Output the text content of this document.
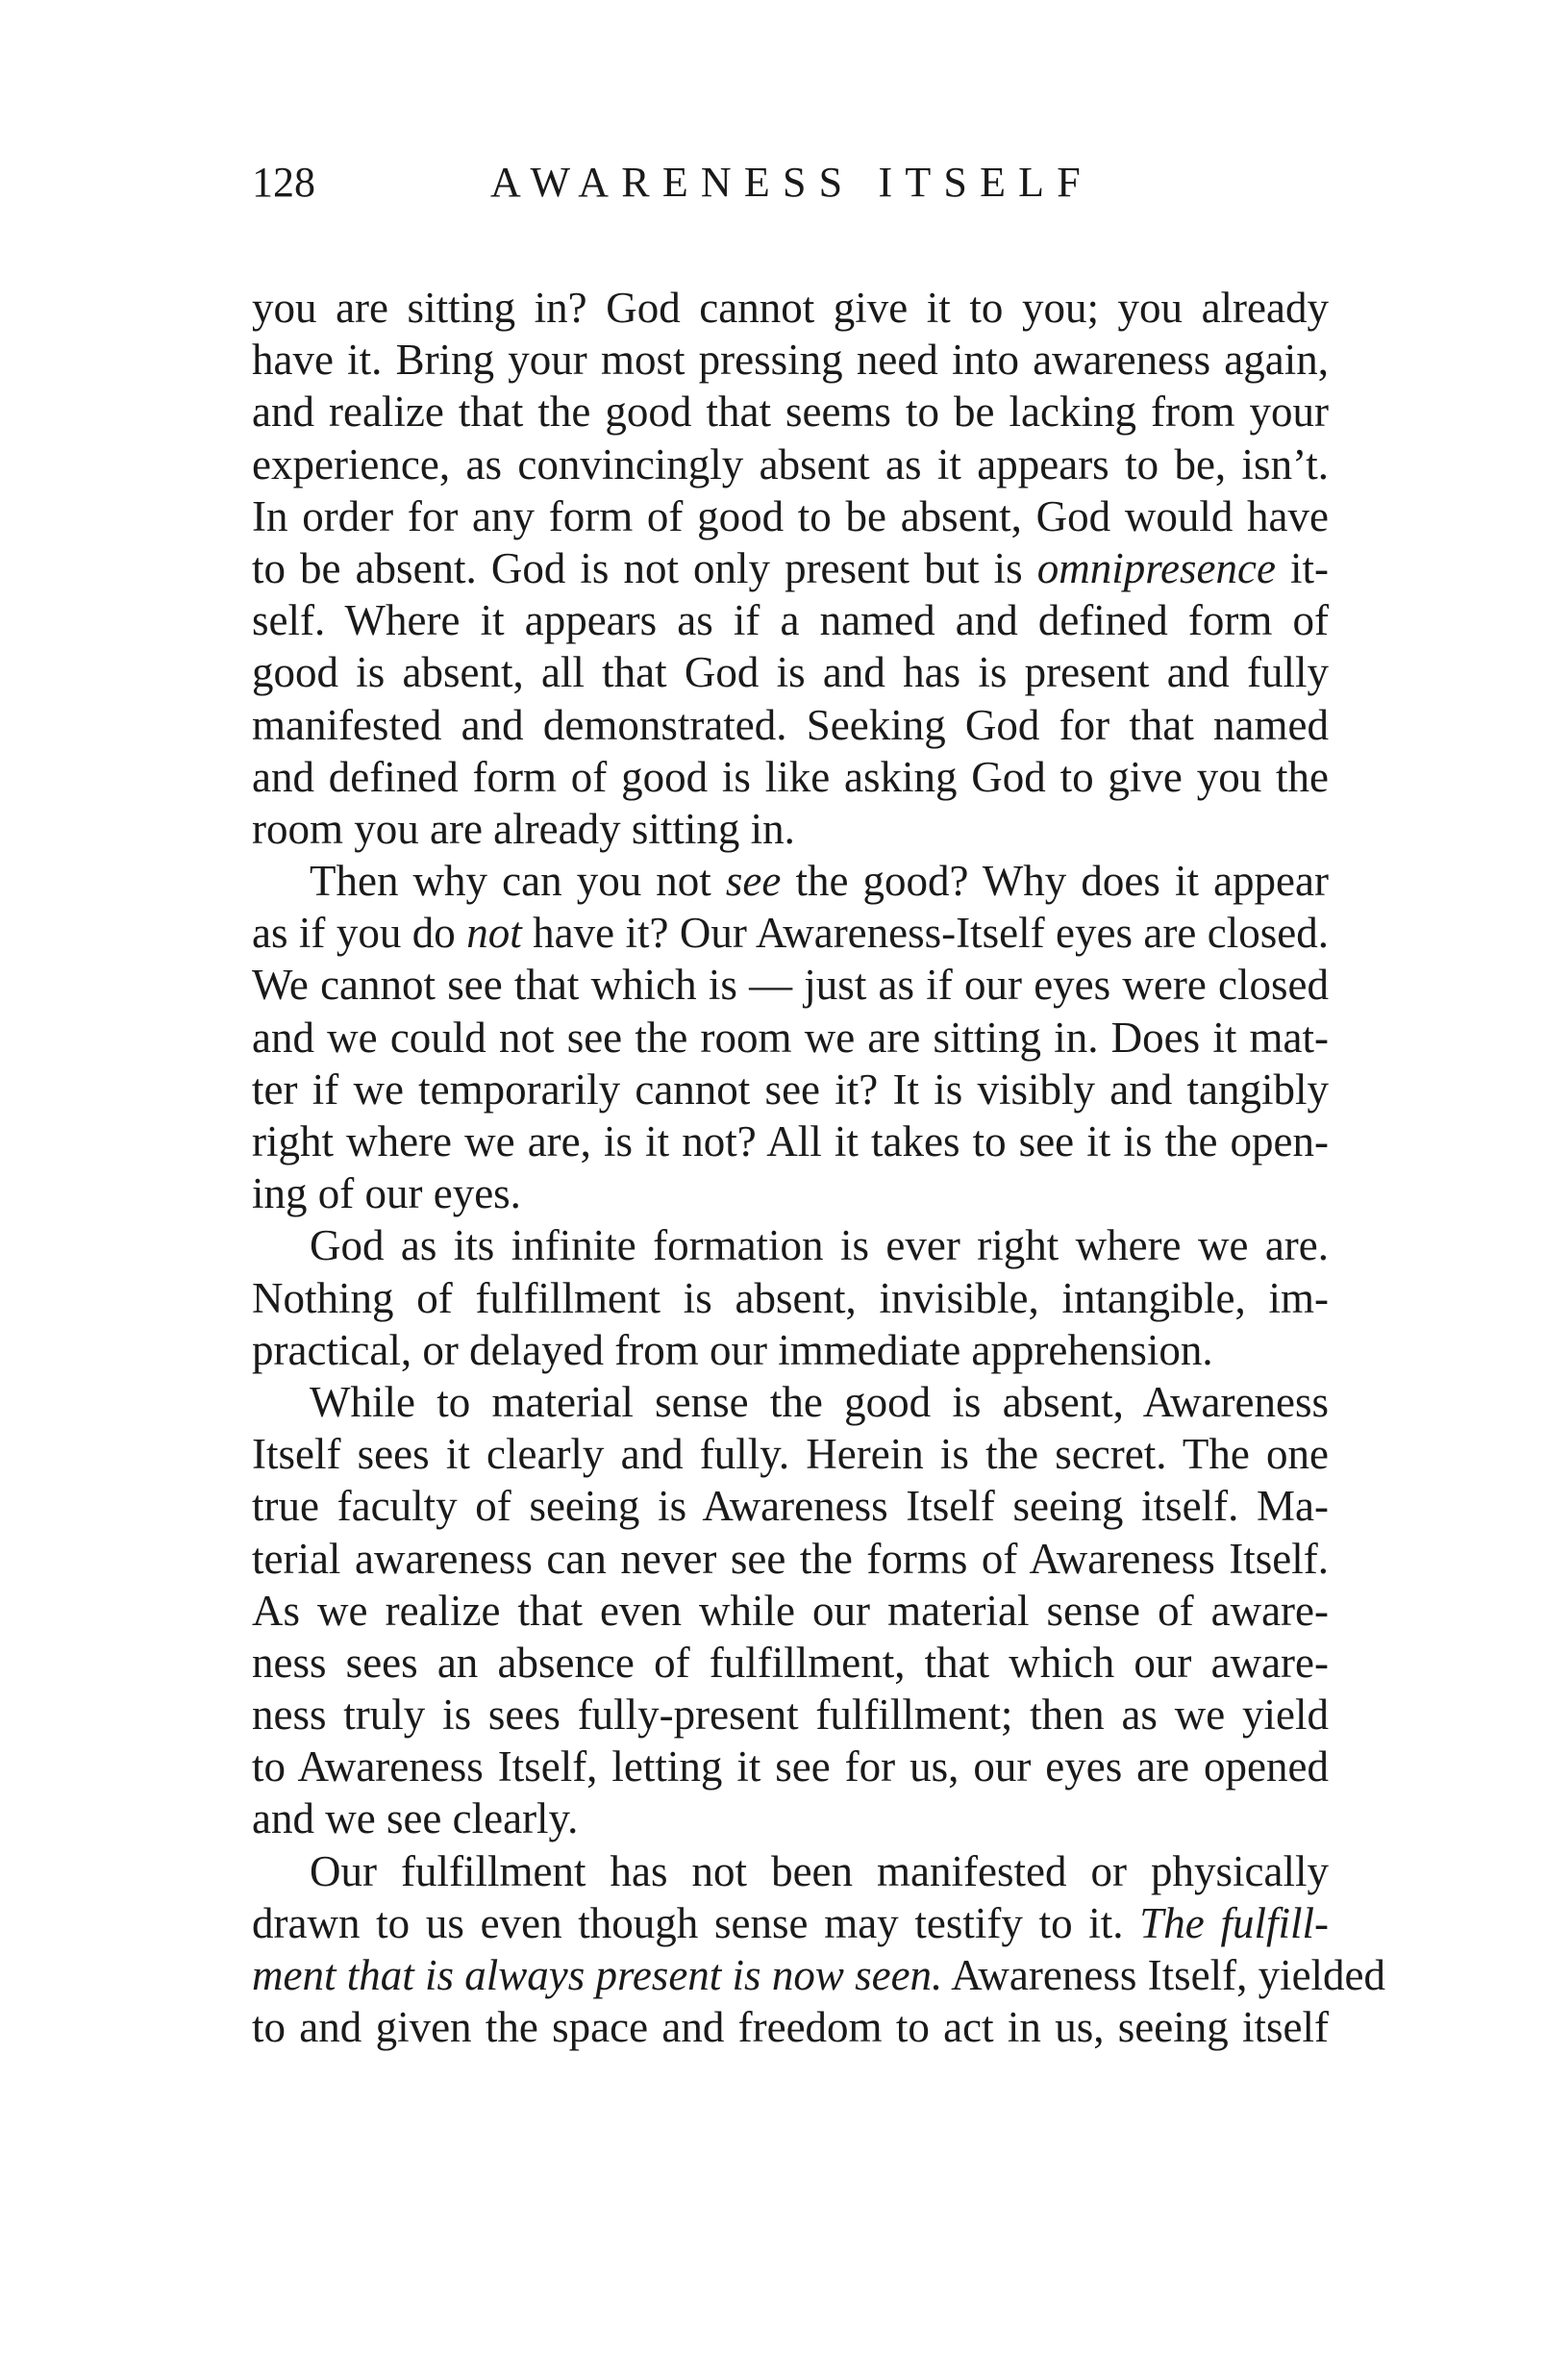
128	AWARENESS ITSELF
you are sitting in? God cannot give it to you; you already
have it. Bring your most pressing need into awareness again,
and realize that the good that seems to be lacking from your
experience, as convincingly absent as it appears to be, isn’t.
In order for any form of good to be absent, God would have
to be absent. God is not only present but is omnipresence it-
self. Where it appears as if a named and defined form of
good is absent, all that God is and has is present and fully
manifested and demonstrated. Seeking God for that named
and defined form of good is like asking God to give you the
room you are already sitting in.
Then why can you not see the good? Why does it appear
as if you do not have it? Our Awareness-Itself eyes are closed.
We cannot see that which is — just as if our eyes were closed
and we could not see the room we are sitting in. Does it mat-
ter if we temporarily cannot see it? It is visibly and tangibly
right where we are, is it not? All it takes to see it is the open-
ing of our eyes.
God as its infinite formation is ever right where we are.
Nothing of fulfillment is absent, invisible, intangible, im-
practical, or delayed from our immediate apprehension.
While to material sense the good is absent, Awareness
Itself sees it clearly and fully. Herein is the secret. The one
true faculty of seeing is Awareness Itself seeing itself. Ma-
terial awareness can never see the forms of Awareness Itself.
As we realize that even while our material sense of aware-
ness sees an absence of fulfillment, that which our aware-
ness truly is sees fully-present fulfillment; then as we yield
to Awareness Itself, letting it see for us, our eyes are opened
and we see clearly.
Our fulfillment has not been manifested or physically
drawn to us even though sense may testify to it. The fulfill-
ment that is always present is now seen. Awareness Itself, yielded
to and given the space and freedom to act in us, seeing itself
